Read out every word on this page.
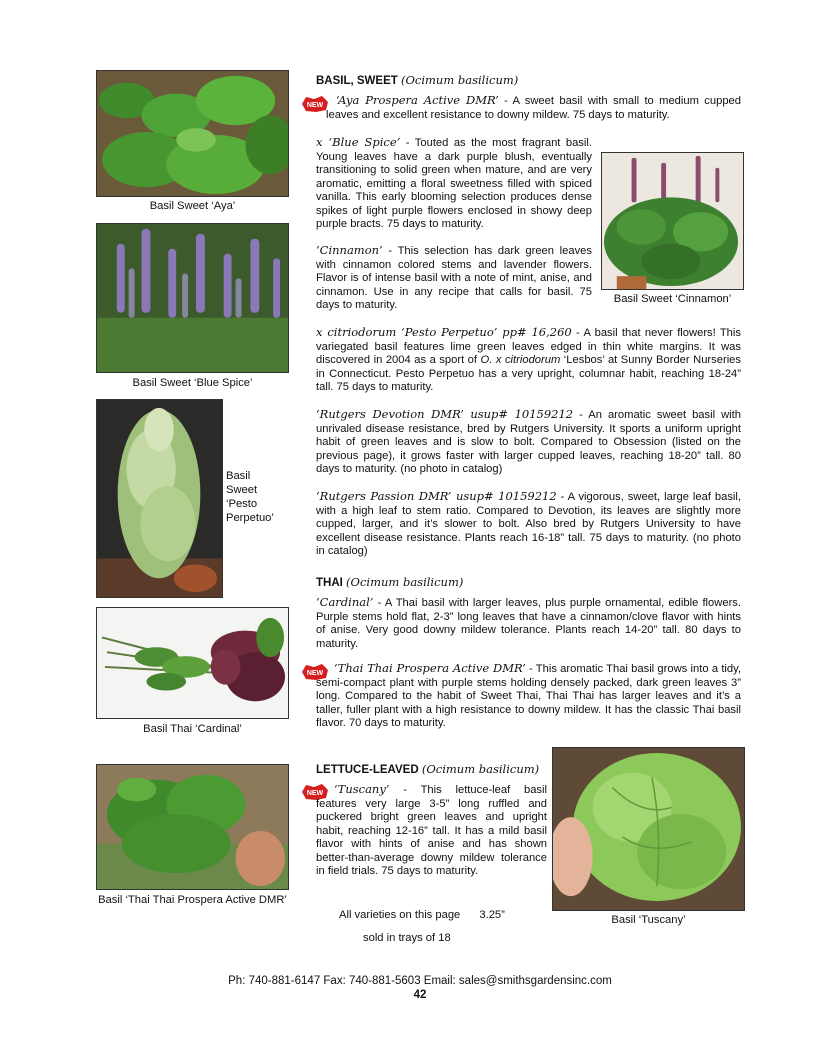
Basil Sweet ‘Aya’
Basil Sweet ‘Blue Spice’
Basil
Sweet
‘Pesto
Perpetuo’
Basil Thai ‘Cardinal’
Basil ‘Thai Thai Prospera Active DMR’
Basil Sweet ‘Cinnamon’
Basil ‘Tuscany’
NEW
NEW
NEW
BASIL, SWEET (Ocimum basilicum)
‘Aya Prospera Active DMR’ - A sweet basil with small to medium cupped leaves and excellent resistance to downy mildew. 75 days to maturity.
x ‘Blue Spice’ - Touted as the most fragrant basil. Young leaves have a dark purple blush, eventually transitioning to solid green when mature, and are very aromatic, emitting a floral sweetness filled with spiced vanilla. This early blooming selection produces dense spikes of light purple flowers enclosed in showy deep purple bracts. 75 days to maturity.
‘Cinnamon’ - This selection has dark green leaves with cinnamon colored stems and lavender flowers. Flavor is of intense basil with a note of mint, anise, and cinnamon. Use in any recipe that calls for basil. 75 days to maturity.
x citriodorum ‘Pesto Perpetuo’ pp# 16,260 - A basil that never flowers! This variegated basil features lime green leaves edged in thin white margins. It was discovered in 2004 as a sport of O. x citriodorum ‘Lesbos’ at Sunny Border Nurseries in Connecticut. Pesto Perpetuo has a very upright, columnar habit, reaching 18-24” tall. 75 days to maturity.
‘Rutgers Devotion DMR’ usup# 10159212 - An aromatic sweet basil with unrivaled disease resistance, bred by Rutgers University. It sports a uniform upright habit of green leaves and is slow to bolt. Compared to Obsession (listed on the previous page), it grows faster with larger cupped leaves, reaching 18-20” tall. 80 days to maturity. (no photo in catalog)
‘Rutgers Passion DMR’ usup# 10159212 - A vigorous, sweet, large leaf basil, with a high leaf to stem ratio. Compared to Devotion, its leaves are slightly more cupped, larger, and it’s slower to bolt. Also bred by Rutgers University to have excellent disease resistance. Plants reach 16-18” tall. 75 days to maturity. (no photo in catalog)
THAI (Ocimum basilicum)
‘Cardinal’ - A Thai basil with larger leaves, plus purple ornamental, edible flowers. Purple stems hold flat, 2-3” long leaves that have a cinnamon/clove flavor with hints of anise. Very good downy mildew tolerance. Plants reach 14-20” tall. 80 days to maturity.
‘Thai Thai Prospera Active DMR’ - This aromatic Thai basil grows into a tidy, semi-compact plant with purple stems holding densely packed, dark green leaves 3” long. Compared to the habit of Sweet Thai, Thai Thai has larger leaves and it’s a taller, fuller plant with a high resistance to downy mildew. It has the classic Thai basil flavor. 70 days to maturity.
LETTUCE-LEAVED (Ocimum basilicum)
‘Tuscany’ - This lettuce-leaf basil features very large 3-5” long ruffled and puckered bright green leaves and upright habit, reaching 12-16” tall. It has a mild basil flavor with hints of anise and has shown better-than-average downy mildew tolerance in field trials. 75 days to maturity.
All varieties on this page 3.25”
sold in trays of 18
Ph: 740-881-6147 Fax: 740-881-5603 Email: sales@smithsgardensinc.com
42
